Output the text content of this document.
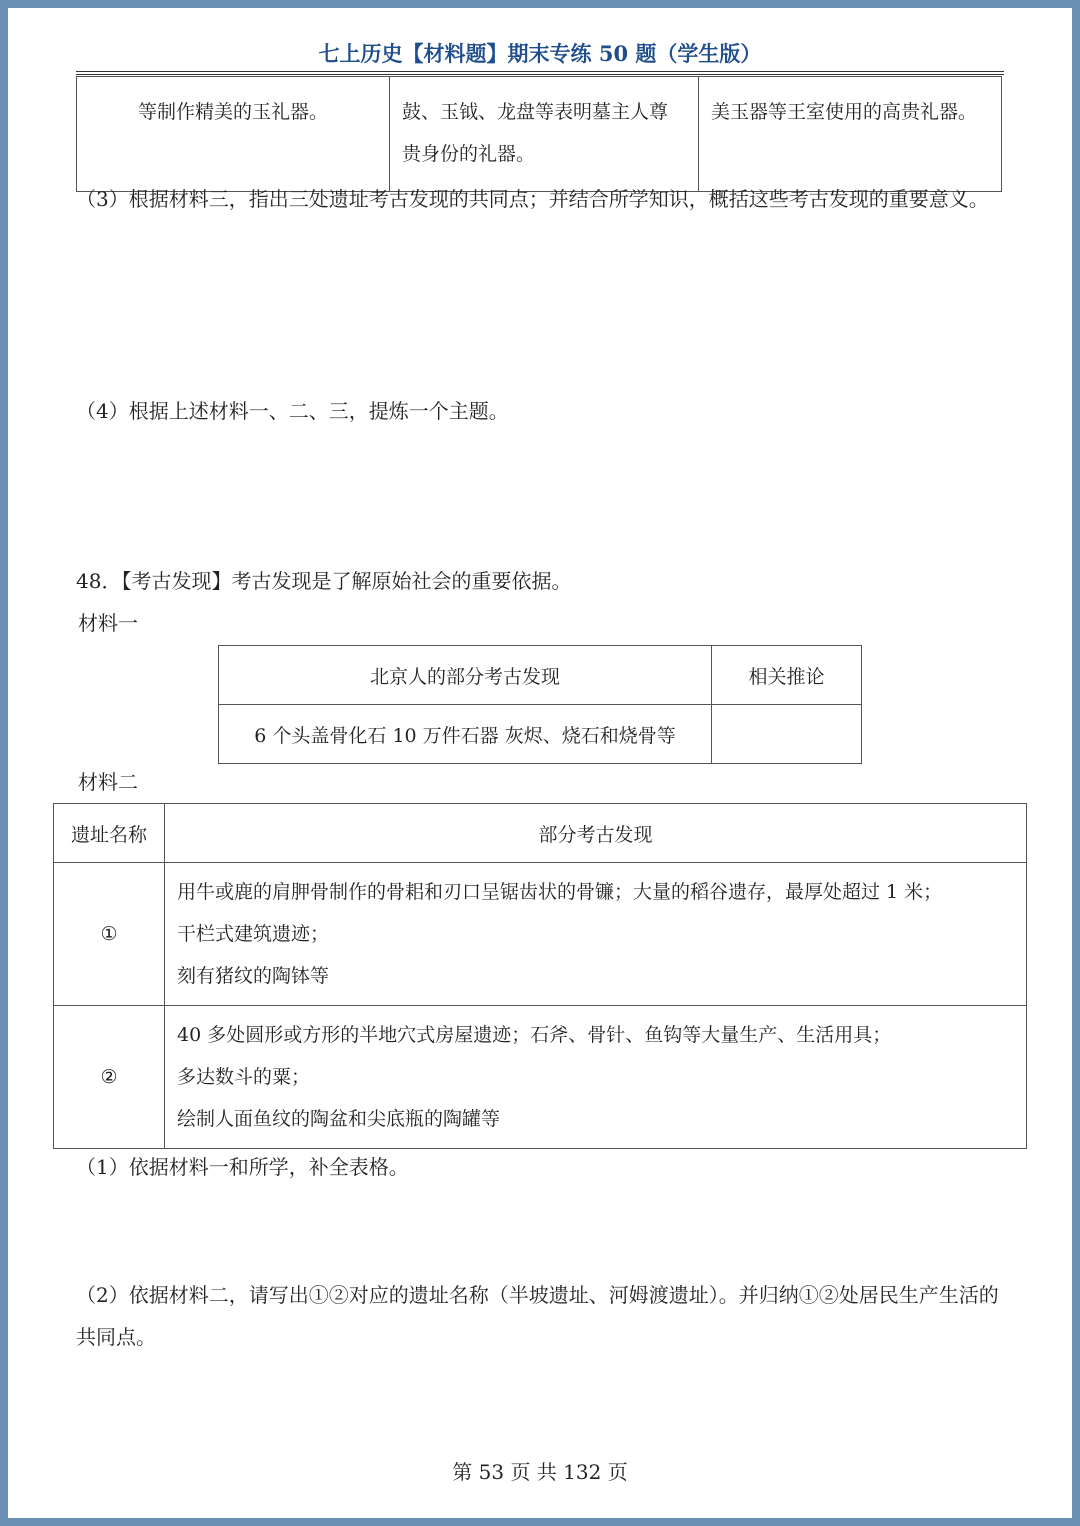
七上历史【材料题】期末专练 50 题（学生版）
等制作精美的玉礼器。	鼓、玉钺、龙盘等表明墓主人尊贵身份的礼器。	美玉器等王室使用的高贵礼器。
（3）根据材料三，指出三处遗址考古发现的共同点；并结合所学知识，概括这些考古发现的重要意义。
（4）根据上述材料一、二、三，提炼一个主题。
48．【考古发现】考古发现是了解原始社会的重要依据。
材料一
北京人的部分考古发现	相关推论
6 个头盖骨化石 10 万件石器 灰烬、烧石和烧骨等	
材料二
遗址名称	部分考古发现
①	用牛或鹿的肩胛骨制作的骨耜和刃口呈锯齿状的骨镰；大量的稻谷遗存，最厚处超过 1 米；
干栏式建筑遗迹；
刻有猪纹的陶钵等

②	40 多处圆形或方形的半地穴式房屋遗迹；石斧、骨针、鱼钩等大量生产、生活用具；
多达数斗的粟；
绘制人面鱼纹的陶盆和尖底瓶的陶罐等
（1）依据材料一和所学，补全表格。
（2）依据材料二，请写出①②对应的遗址名称（半坡遗址、河姆渡遗址）。并归纳①②处居民生产生活的共同点。
第 53 页 共 132 页
